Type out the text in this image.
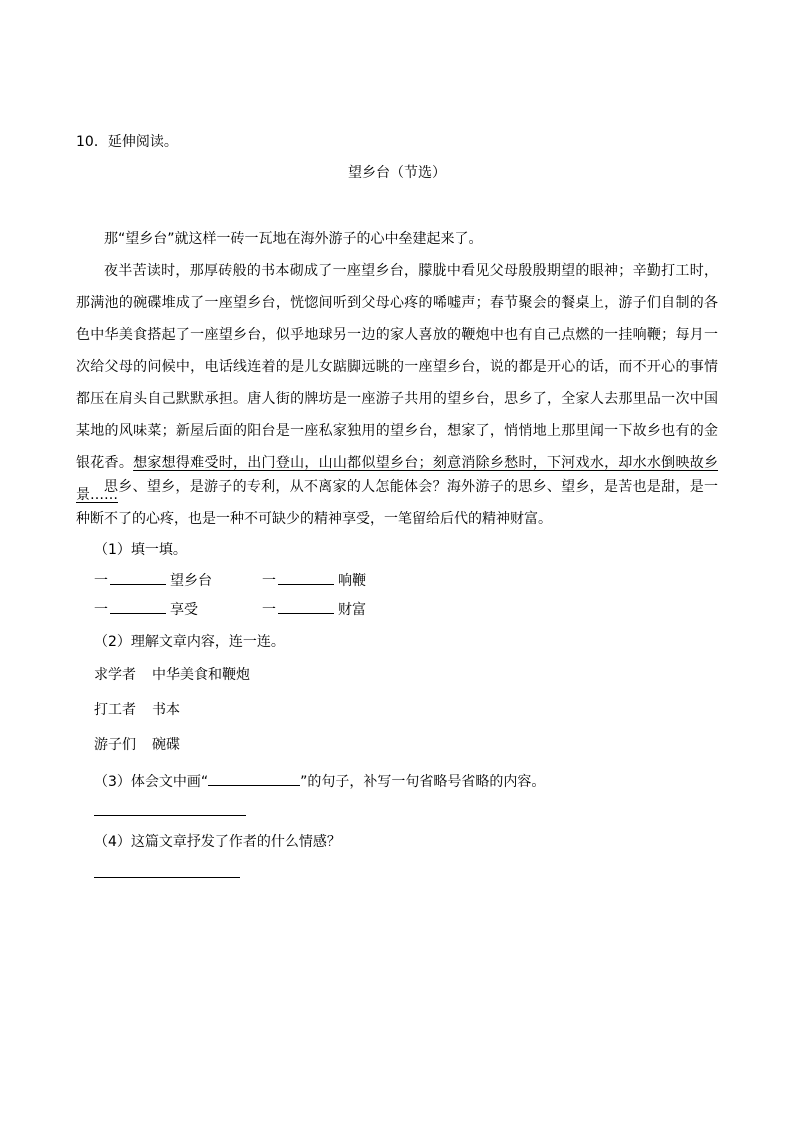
10．延伸阅读。
望乡台（节选）
那“望乡台”就这样一砖一瓦地在海外游子的心中垒建起来了。
夜半苦读时，那厚砖般的书本砌成了一座望乡台，朦胧中看见父母殷殷期望的眼神；辛勤打工时，那满池的碗碟堆成了一座望乡台，恍惚间听到父母心疼的唏嘘声；春节聚会的餐桌上，游子们自制的各色中华美食搭起了一座望乡台，似乎地球另一边的家人喜放的鞭炮中也有自己点燃的一挂响鞭；每月一次给父母的问候中，电话线连着的是儿女踮脚远眺的一座望乡台，说的都是开心的话，而不开心的事情都压在肩头自己默默承担。唐人街的牌坊是一座游子共用的望乡台，思乡了，全家人去那里品一次中国某地的风味菜；新屋后面的阳台是一座私家独用的望乡台，想家了，悄悄地上那里闻一下故乡也有的金银花香。想家想得难受时，出门登山，山山都似望乡台；刻意消除乡愁时，下河戏水，却水水倒映故乡景……
思乡、望乡，是游子的专利，从不离家的人怎能体会？海外游子的思乡、望乡，是苦也是甜，是一种断不了的心疼，也是一种不可缺少的精神享受，一笔留给后代的精神财富。
（1）填一填。
一	望乡台	一	响鞭
一	享受	一	财富
（2）理解文章内容，连一连。
求学者 中华美食和鞭炮
打工者 书本
游子们 碗碟
（3）体会文中画“	”的句子，补写一句省略号省略的内容。
（4）这篇文章抒发了作者的什么情感？
